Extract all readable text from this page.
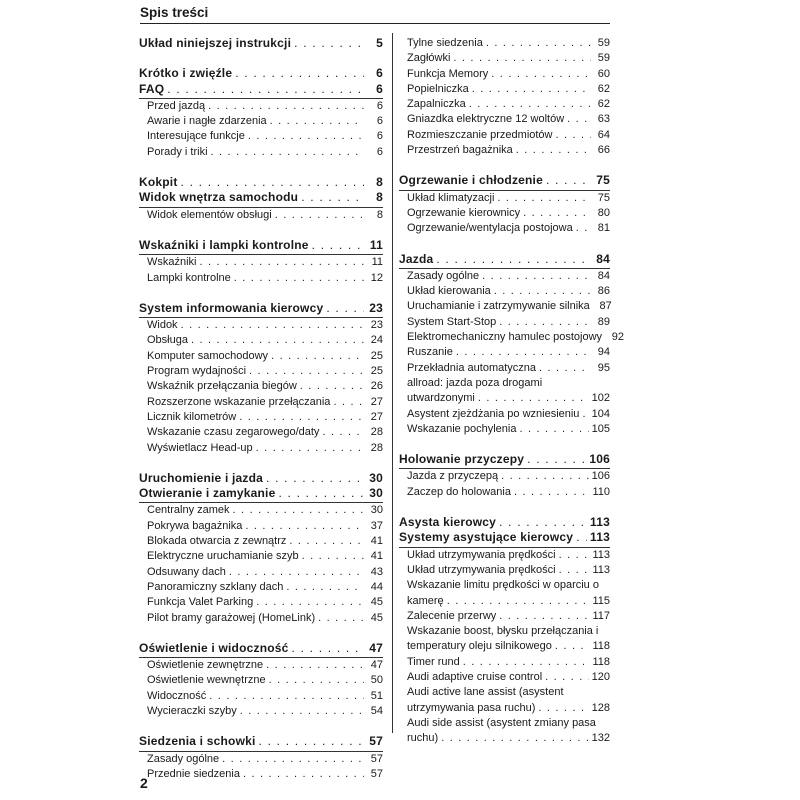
Spis treści
Układ niniejszej instrukcji . . .	5
Krótko i zwięźle . . .	6
FAQ . . .	6
Przed jazdą . . .	6
Awarie i nagłe zdarzenia . . .	6
Interesujące funkcje . . .	6
Porady i triki . . .	6
Kokpit . . .	8
Widok wnętrza samochodu . . .	8
Widok elementów obsługi . . .	8
Wskaźniki i lampki kontrolne . . .	11
Wskaźniki . . .	11
Lampki kontrolne . . .	12
System informowania kierowcy . . .	23
Widok . . .	23
Obsługa . . .	24
Komputer samochodowy . . .	25
Program wydajności . . .	25
Wskaźnik przełączania biegów . . .	26
Rozszerzone wskazanie przełączania . . .	27
Licznik kilometrów . . .	27
Wskazanie czasu zegarowego/daty . . .	28
Wyświetlacz Head-up . . .	28
Uruchomienie i jazda . . .	30
Otwieranie i zamykanie . . .	30
Centralny zamek . . .	30
Pokrywa bagażnika . . .	37
Blokada otwarcia z zewnątrz . . .	41
Elektryczne uruchamianie szyb . . .	41
Odsuwany dach . . .	43
Panoramiczny szklany dach . . .	44
Funkcja Valet Parking . . .	45
Pilot bramy garażowej (HomeLink) . . .	45
Oświetlenie i widoczność . . .	47
Oświetlenie zewnętrzne . . .	47
Oświetlenie wewnętrzne . . .	50
Widoczność . . .	51
Wycieraczki szyby . . .	54
Siedzenia i schowki . . .	57
Zasady ogólne . . .	57
Przednie siedzenia . . .	57
Tylne siedzenia . . .	59
Zagłówki . . .	59
Funkcja Memory . . .	60
Popielniczka . . .	62
Zapalniczka . . .	62
Gniazdka elektryczne 12 woltów . . .	63
Rozmieszczanie przedmiotów . . .	64
Przestrzeń bagażnika . . .	66
Ogrzewanie i chłodzenie . . .	75
Układ klimatyzacji . . .	75
Ogrzewanie kierownicy . . .	80
Ogrzewanie/wentylacja postojowa . . .	81
Jazda . . .	84
Zasady ogólne . . .	84
Układ kierowania . . .	86
Uruchamianie i zatrzymywanie silnika 87
System Start-Stop . . .	89
Elektromechaniczny hamulec postojowy 92
Ruszanie . . .	94
Przekładnia automatyczna . . .	95
allroad: jazda poza drogami
utwardzonymi . . .	102
Asystent zjeżdżania po wzniesieniu . . . 104
Wskazanie pochylenia . . .	105
Holowanie przyczepy . . .	106
Jazda z przyczepą . . .	106
Zaczep do holowania . . .	110
Asysta kierowcy . . .	113
Systemy asystujące kierowcy . . . 113
Układ utrzymywania prędkości . . .	113
Układ utrzymywania prędkości . . .	113
Wskazanie limitu prędkości w oparciu o
kamerę . . .	115
Zalecenie przerwy . . .	117
Wskazanie boost, błysku przełączania i
temperatury oleju silnikowego . . .	118
Timer rund . . .	118
Audi adaptive cruise control . . .	120
Audi active lane assist (asystent
utrzymywania pasa ruchu) . . .	128
Audi side assist (asystent zmiany pasa
ruchu) . . .	132
2
